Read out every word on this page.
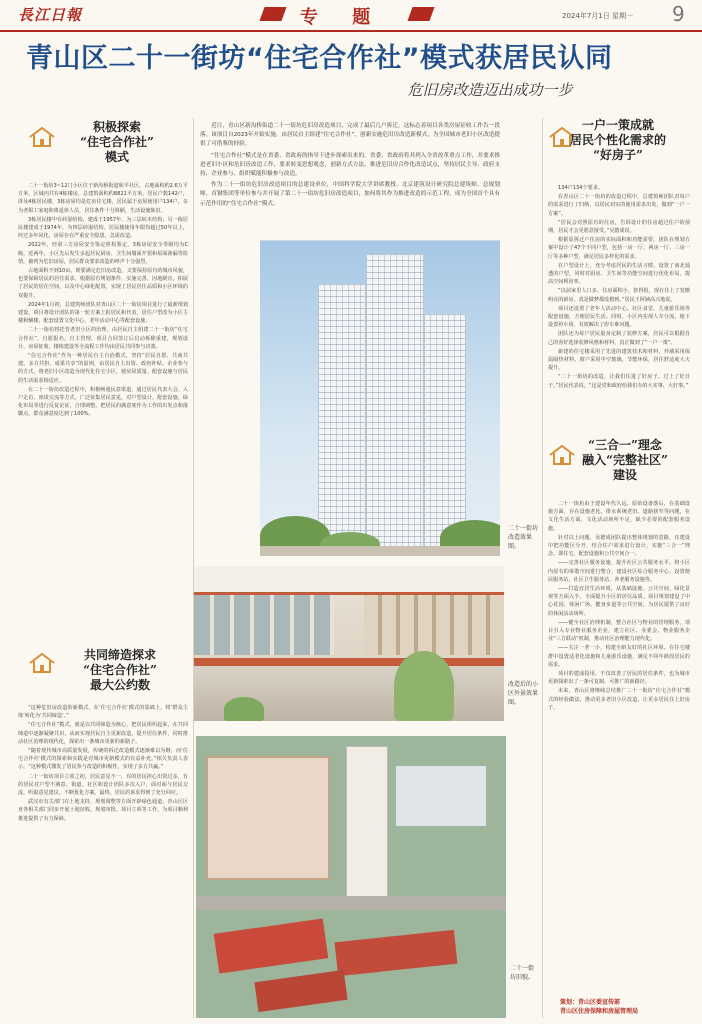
長江日報	专 题	2024年7月1日 星期一 9
青山区二十一街坊“住宅合作社”模式获居民认同
危旧房改造迈出成功一步

近日，青山区新沟桥街道二十一街坊危旧房改造项目，完成了最后几户拆迁，这标志着项目各类房屋征收工作告一段落。该项目自2023年开始实施，由居民自主组建“住宅合作社”，创新实施危旧房改造新模式，为全国城市老旧小区改造提供了可借鉴的经验。

“住宅合作社”模式是在省委、省政府的指导下进步探索出来的。省委、省政府将其列入全省改革重点工作，并要求推进老旧小区和危旧房改造工作，要求转变思想观念，创新方式方法，推进危旧房合作化改造试点，坚持居民主导、政府支持、企业参与、组织赋能积极参与改造。

作为二十一街坊危旧房改造项目的总建设单位，中国科学院大学讲席教授、北京建筑设计研究院总建筑师、总规划师，首钢集团等单位参与并开展了第二十一街坊危旧房改造项目，加何将其作为推进改造的示范工程，成为全国首个具有示范作用的“住宅合作社”模式。

积极探索
“住宅合作社”
模式

二十一街坊3~12门小区位于新沟桥街道和平社区，占地面积约2.6万平方米，区域内共有4栋楼房，总建筑面积约8821平方米，居民户数142户，涉及4栋居民楼，3栋房屋均是危房住宅楼，居民属于房屋使用户134户，多为老职工家庭和离退休人员，居住条件十分简陋，生活设施陈旧。

3栋居民楼中有砖混结构，建成于1957年，为三层砖木结构；另一栋居民楼建成于1974年，为四层砖混结构。居民楼使用年限均超过50年以上，经过多年风化，房屋存在严重安全隐患，急需改造。

2022年，经第三方房屋安全鉴定机构鉴定，3栋房屋安全等级均为C级。近两年，小区先后发生多起居民厨房、卫生间墙面开裂和屋面渗漏等险情，被列为危旧房屋，居民群众要求改造的呼声十分强烈。

占地面积不到10亩，既要满足危旧房改造，又要保持原有的城市风貌，也要保障居民的居住需求，根据原有规划条件，实施完善，因地制宜，拓展了居民的居住空间，以及中心绿化配置，实现了居民居住品质和小区环境的双提升。

2024年1月初，总建筑师团队对青山区二十一街坊项目进行了最新规划建设，项目将设计团队的第一轮方案上报居民和代表，居住户型改为小区主楼和辅楼，配套设置文化中心，老年活动中心等配套设施。

二十一街坊将托管老旧小区的治理，由居民自主组建二十一街坊“住宅合作社”，自愿报名，自主管理，项目合同签订后启动拆除重建，规划设计、房屋征收、楼栋建设等全流程工作均由居民共同参与决策。

“住宅合作社”作为一种居民自主自治模式，坚持“居民自愿、共商共建、多方共担、成果共享”的原则，由居民自主出资、政府补贴、企业参与的方式，将老旧小区改造为现代化住宅小区，使房屋质量、配套设施与居民的生活需求相适应。

在二十一街坊改造过程中，积极畅通民意渠道，通过居民代表大会、入户走访、座谈交流等方式，广泛征集居民意见，对户型设计、配套设施、绿化布局等进行反复论证，合理调整。把居民的满意度作为工作的出发点和落脚点，群众满意度达到了100%。

共同缔造探求
“住宅合作社”
最大公约数

“这种危旧房改造的新模式，在‘住宅合作社’模式的基础上，将‘群众主体’转化为‘共同缔造’。”

“住宅合作社”模式，就是以共同缔造为核心，把居民组织起来，在共同缔造中逐渐凝聚共识，从而实现居民自主更新改造，提升居住条件，同时推动社区治理的现代化，探索出一条城市更新的新路子。

“随着现代城市高质量发展，传统的拆迁改造模式逐渐难以为继，而‘住宅合作社’模式的探索和实践是对城市更新模式的有益补充。”相关负责人表示，“这种模式激发了居民参与改造的积极性，实现了多方共赢。”

二十一街坊项目立项之初，居民意见不一，有的居民担心出资过多，有的居民对户型不满意。街道、社区和设计团队多次入户，面对面与居民交流，听取意见建议，不断优化方案。最终，居民的诉求得到了充分回应。

武汉市有关部门在土地支持、规划调整等方面开辟绿色通道，青山区区直各相关部门同步开展土地征收、规划审批、项目立项等工作，为项目顺利推进提供了有力保障。

二十一街坊改造效果图。
改造后的小区外景效果图。
二十一街坊旧貌。
一户一策成就
居民个性化需求的
“好房子”

134户134个要求。

在青山区二十一街坊的改造过程中，总建筑师团队对每户的需求进行了归纳，以居民切实的使用需求出发，做到“一户一方案”。

“居民会对照原有的住房，告诉设计的住房超过住户的预期，居民才会更愿意接受。”吴德成说。

根据原拆迁户住房的实际面积和功能需要，团队在规划方案中设计了47个不同户型，包括一房一厅、两房一厅、三房一厅等多种户型，满足居民多样化的需求。

在户型设计上，充分考虑居民的生活习惯，设置了南北通透的户型，同时对厨房、卫生间等功能空间进行优化布局，提高空间利用率。

“以前家里人口多，住房面积小，挤得很，现在住上了宽敞明亮的新房，真是做梦都没想到。”居民王阿姨高兴地说。

项目还设置了老年人活动中心、社区食堂、儿童游乐场等配套设施，方便居民生活。同时，小区内实现人车分流，地下设置停车场，有效解决了停车难问题。

团队还为每户居民量身定制了装修方案，居民可以根据自己的喜好选择装修风格和材料，真正做到了“一户一策”。

新建的住宅楼采用了先进的建筑技术和材料，外墙采用保温隔热材料，窗户采用中空玻璃，节能环保，居住舒适度大大提升。

“二十一街坊的改造，让我们住进了好房子，过上了好日子。”居民代表说，“这是党和政府给我们办的大实事、大好事。”

“三合一”理念
融入“完整社区”
建设

二十一街坊由于建设年代久远，原始设备落后，在基础设施方面，存在设施老化、排水系统老旧、道路狭窄等问题，在文化生活方面，文化活动场所不足，缺少必要的配套服务设施。

针对以上问题，吴德成团队提出整体规划的思路，在建设中把功能区分开，结合住户需求进行设计，实施“三合一”理念，即住宅、配套设施和公共空间合一。

——完善社区服务设施，提升社区公共服务水平。将小区内原有的零散空间进行整合，建设社区综合服务中心，设置便民服务站、社区卫生服务站、养老服务设施等。

——打造宜居生活环境，从基础设施、公共空间、绿化景观等方面入手，全面提升小区的居住品质。项目规划建设了中心花园、休闲广场、健身步道等公共空间，为居民提供了良好的休闲活动场所。

——健全社区治理机制，整合社区与物业的管理服务。项目引入专业物业服务企业，建立社区、业委会、物业服务企业“三方联动”机制，推动社区治理能力现代化。

——关注一老一小，构建全龄友好的社区环境。在住宅楼群中设置适老化设施和儿童游乐设施，满足不同年龄段居民的需求。

项目的建成投用，不仅改善了居民的居住条件，也为城市更新探索出了一条可复制、可推广的新路径。

未来，青山区将继续总结推广二十一街坊“住宅合作社”模式的经验做法，推动更多老旧小区改造，让更多居民住上好房子。

策划：青山区委宣传部
青山区住房保障和房屋管理局
